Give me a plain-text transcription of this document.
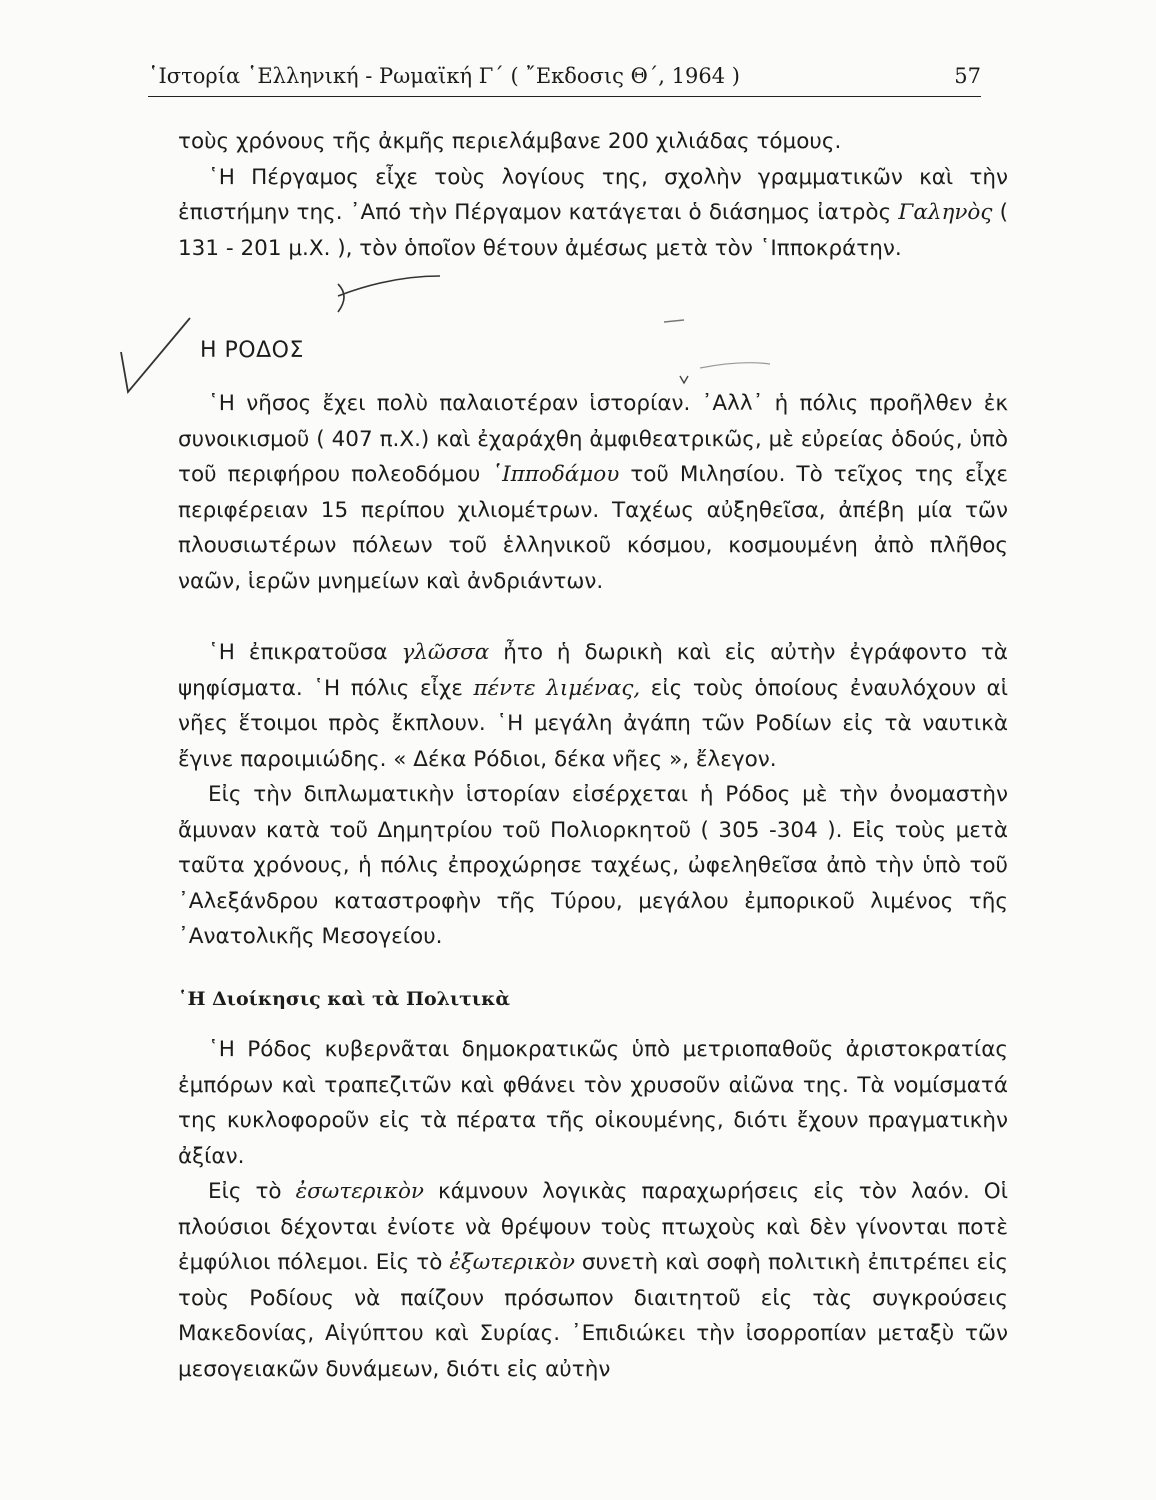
῾Ιστορία ῾Ελληνική - Ρωμαϊκή Γ΄ ( ῎Εκδοσις Θ΄, 1964 )	57

τοὺς χρόνους τῆς ἀκμῆς περιελάμβανε 200 χιλιάδας τόμους.

῾Η Πέργαμος εἶχε τοὺς λογίους της, σχολὴν γραμματικῶν καὶ τὴν ἐπιστήμην της. ᾿Από τὴν Πέργαμον κατάγεται ὁ διάσημος ἰατρὸς Γαληνὸς ( 131 - 201 μ.Χ. ), τὸν ὁποῖον θέτουν ἀμέσως μετὰ τὸν ῾Ιπποκράτην.

Η ΡΟΔΟΣ

῾Η νῆσος ἔχει πολὺ παλαιοτέραν ἱστορίαν. ᾿Αλλ᾿ ἡ πόλις προῆλθεν ἐκ συνοικισμοῦ ( 407 π.Χ.) καὶ ἐχαράχθη ἀμφιθεατρικῶς, μὲ εὐρείας ὁδούς, ὑπὸ τοῦ περιφήρου πολεοδόμου ῾Ιπποδάμου τοῦ Μιλησίου. Τὸ τεῖχος της εἶχε περιφέρειαν 15 περίπου χιλιομέτρων. Ταχέως αὐξηθεῖσα, ἀπέβη μία τῶν πλουσιωτέρων πόλεων τοῦ ἑλληνικοῦ κόσμου, κοσμουμένη ἀπὸ πλῆθος ναῶν, ἱερῶν μνημείων καὶ ἀνδριάντων.

῾Η ἐπικρατοῦσα γλῶσσα ἦτο ἡ δωρικὴ καὶ εἰς αὐτὴν ἐγράφοντο τὰ ψηφίσματα. ῾Η πόλις εἶχε πέντε λιμένας, εἰς τοὺς ὁποίους ἐναυλόχουν αἱ νῆες ἕτοιμοι πρὸς ἔκπλουν. ῾Η μεγάλη ἀγάπη τῶν Ροδίων εἰς τὰ ναυτικὰ ἔγινε παροιμιώδης. « Δέκα Ρόδιοι, δέκα νῆες », ἔλεγον.

Εἰς τὴν διπλωματικὴν ἱστορίαν εἰσέρχεται ἡ Ρόδος μὲ τὴν ὀνομαστὴν ἄμυναν κατὰ τοῦ Δημητρίου τοῦ Πολιορκητοῦ ( 305 -304 ). Εἰς τοὺς μετὰ ταῦτα χρόνους, ἡ πόλις ἐπροχώρησε ταχέως, ὠφεληθεῖσα ἀπὸ τὴν ὑπὸ τοῦ ᾿Αλεξάνδρου καταστροφὴν τῆς Τύρου, μεγάλου ἐμπορικοῦ λιμένος τῆς ᾿Ανατολικῆς Μεσογείου.

῾Η Διοίκησις καὶ τὰ Πολιτικὰ

῾Η Ρόδος κυβερνᾶται δημοκρατικῶς ὑπὸ μετριοπαθοῦς ἀριστοκρατίας ἐμπόρων καὶ τραπεζιτῶν καὶ φθάνει τὸν χρυσοῦν αἰῶνα της. Τὰ νομίσματά της κυκλοφοροῦν εἰς τὰ πέρατα τῆς οἰκουμένης, διότι ἔχουν πραγματικὴν ἀξίαν.

Εἰς τὸ ἐσωτερικὸν κάμνουν λογικὰς παραχωρήσεις εἰς τὸν λαόν. Οἱ πλούσιοι δέχονται ἐνίοτε νὰ θρέψουν τοὺς πτωχοὺς καὶ δὲν γίνονται ποτὲ ἐμφύλιοι πόλεμοι. Εἰς τὸ ἐξωτερικὸν συνετὴ καὶ σοφὴ πολιτικὴ ἐπιτρέπει εἰς τοὺς Ροδίους νὰ παίζουν πρόσωπον διαιτητοῦ εἰς τὰς συγκρούσεις Μακεδονίας, Αἰγύπτου καὶ Συρίας. ᾿Επιδιώκει τὴν ἰσορροπίαν μεταξὺ τῶν μεσογειακῶν δυνάμεων, διότι εἰς αὐτὴν
